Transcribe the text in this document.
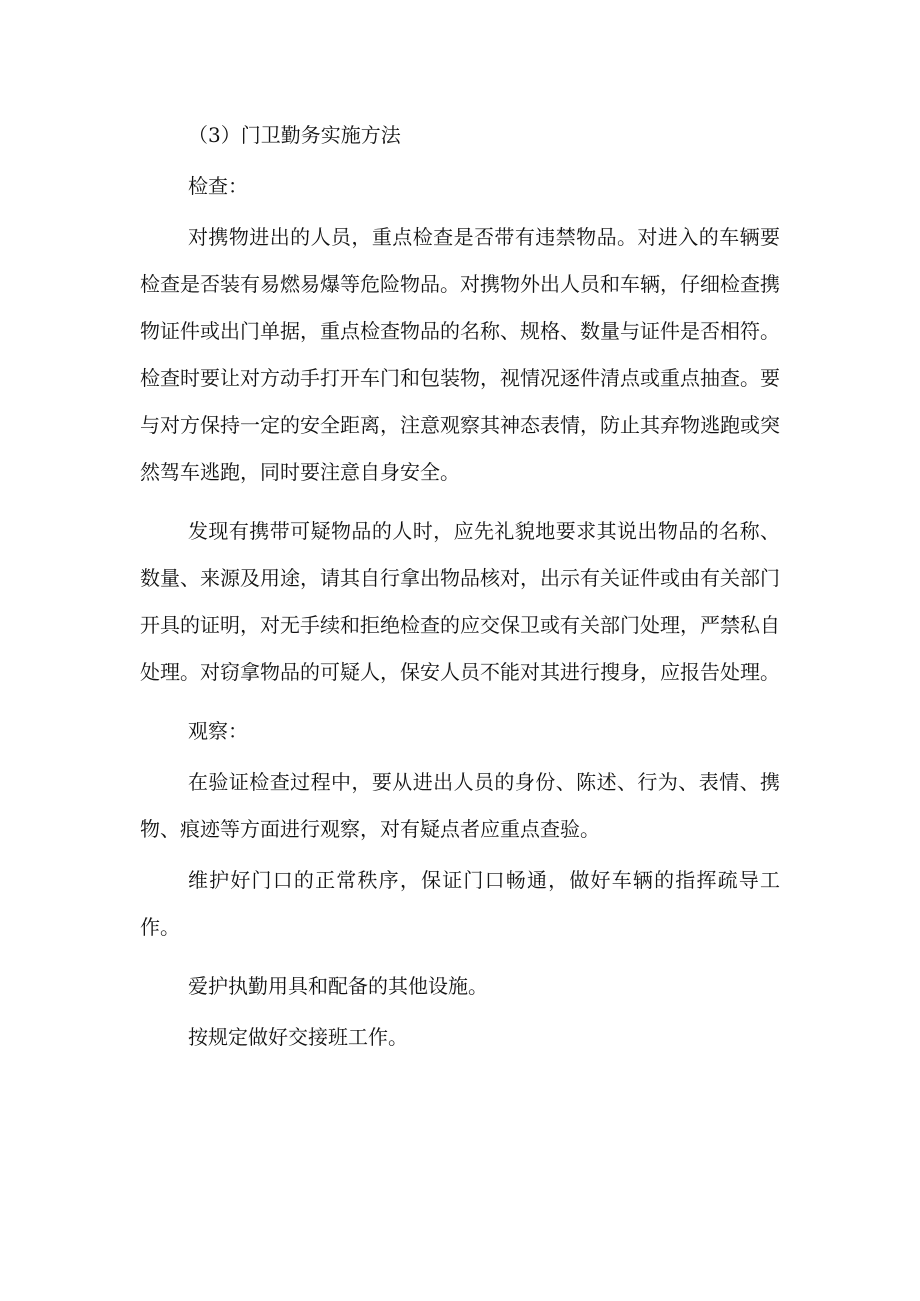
（3）门卫勤务实施方法

检查：

对携物进出的人员，重点检查是否带有违禁物品。对进入的车辆要检查是否装有易燃易爆等危险物品。对携物外出人员和车辆，仔细检查携物证件或出门单据，重点检查物品的名称、规格、数量与证件是否相符。检查时要让对方动手打开车门和包装物，视情况逐件清点或重点抽查。要与对方保持一定的安全距离，注意观察其神态表情，防止其弃物逃跑或突然驾车逃跑，同时要注意自身安全。

发现有携带可疑物品的人时，应先礼貌地要求其说出物品的名称、数量、来源及用途，请其自行拿出物品核对，出示有关证件或由有关部门开具的证明，对无手续和拒绝检查的应交保卫或有关部门处理，严禁私自处理。对窃拿物品的可疑人，保安人员不能对其进行搜身，应报告处理。

观察：

在验证检查过程中，要从进出人员的身份、陈述、行为、表情、携物、痕迹等方面进行观察，对有疑点者应重点查验。

维护好门口的正常秩序，保证门口畅通，做好车辆的指挥疏导工作。

爱护执勤用具和配备的其他设施。

按规定做好交接班工作。
